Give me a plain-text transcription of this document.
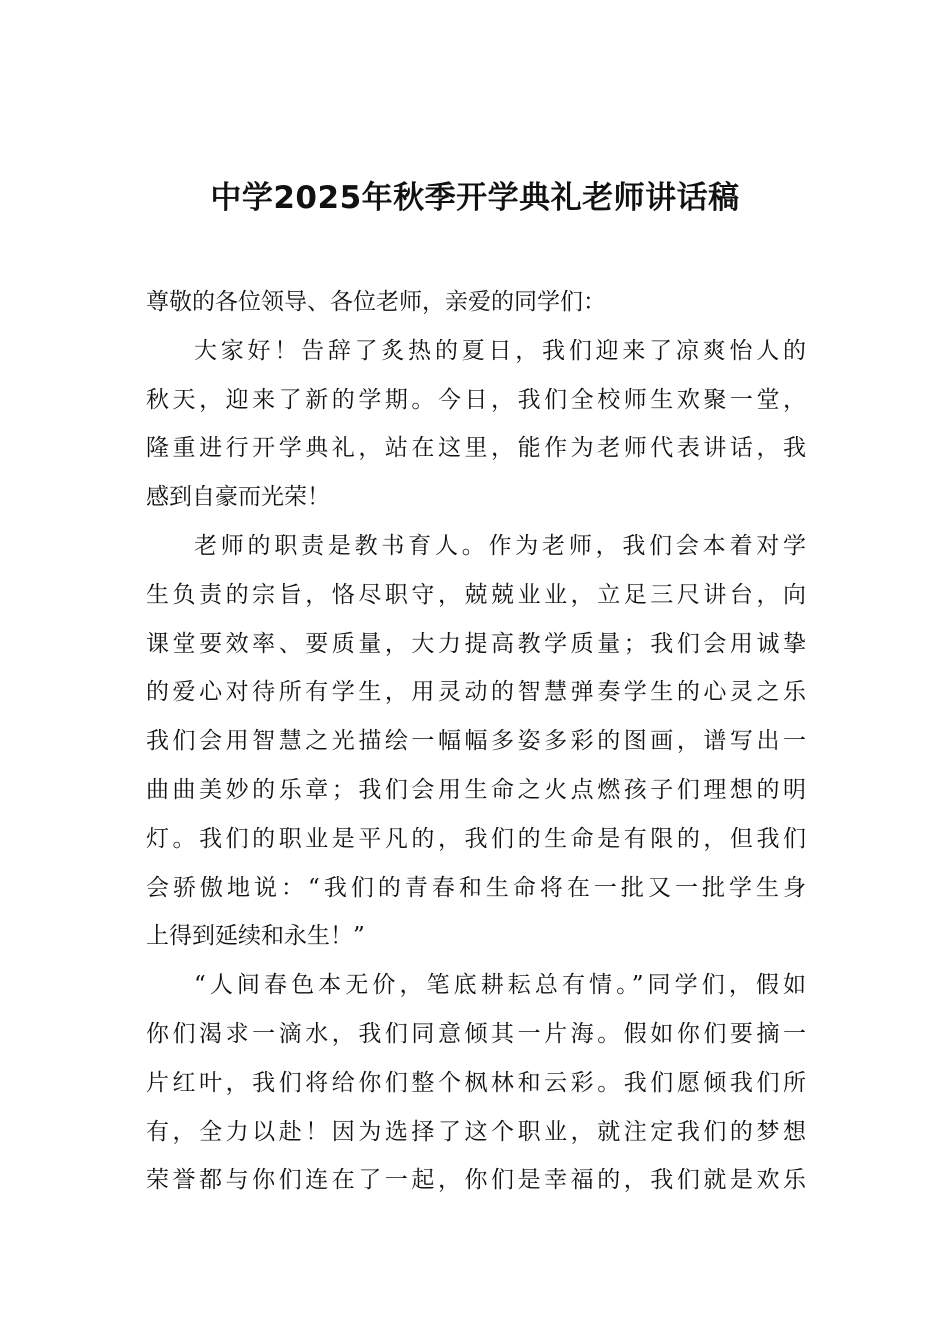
中学2025年秋季开学典礼老师讲话稿
尊敬的各位领导、各位老师，亲爱的同学们：
大家好！告辞了炙热的夏日，我们迎来了凉爽怡人的
秋天，迎来了新的学期。今日，我们全校师生欢聚一堂，
隆重进行开学典礼，站在这里，能作为老师代表讲话，我
感到自豪而光荣！
老师的职责是教书育人。作为老师，我们会本着对学
生负责的宗旨，恪尽职守，兢兢业业，立足三尺讲台，向
课堂要效率、要质量，大力提高教学质量；我们会用诚挚
的爱心对待所有学生，用灵动的智慧弹奏学生的心灵之乐
我们会用智慧之光描绘一幅幅多姿多彩的图画，谱写出一
曲曲美妙的乐章；我们会用生命之火点燃孩子们理想的明
灯。我们的职业是平凡的，我们的生命是有限的，但我们
会骄傲地说：“我们的青春和生命将在一批又一批学生身
上得到延续和永生！”
“人间春色本无价，笔底耕耘总有情。”同学们，假如
你们渴求一滴水，我们同意倾其一片海。假如你们要摘一
片红叶，我们将给你们整个枫林和云彩。我们愿倾我们所
有，全力以赴！因为选择了这个职业，就注定我们的梦想
荣誉都与你们连在了一起，你们是幸福的，我们就是欢乐
